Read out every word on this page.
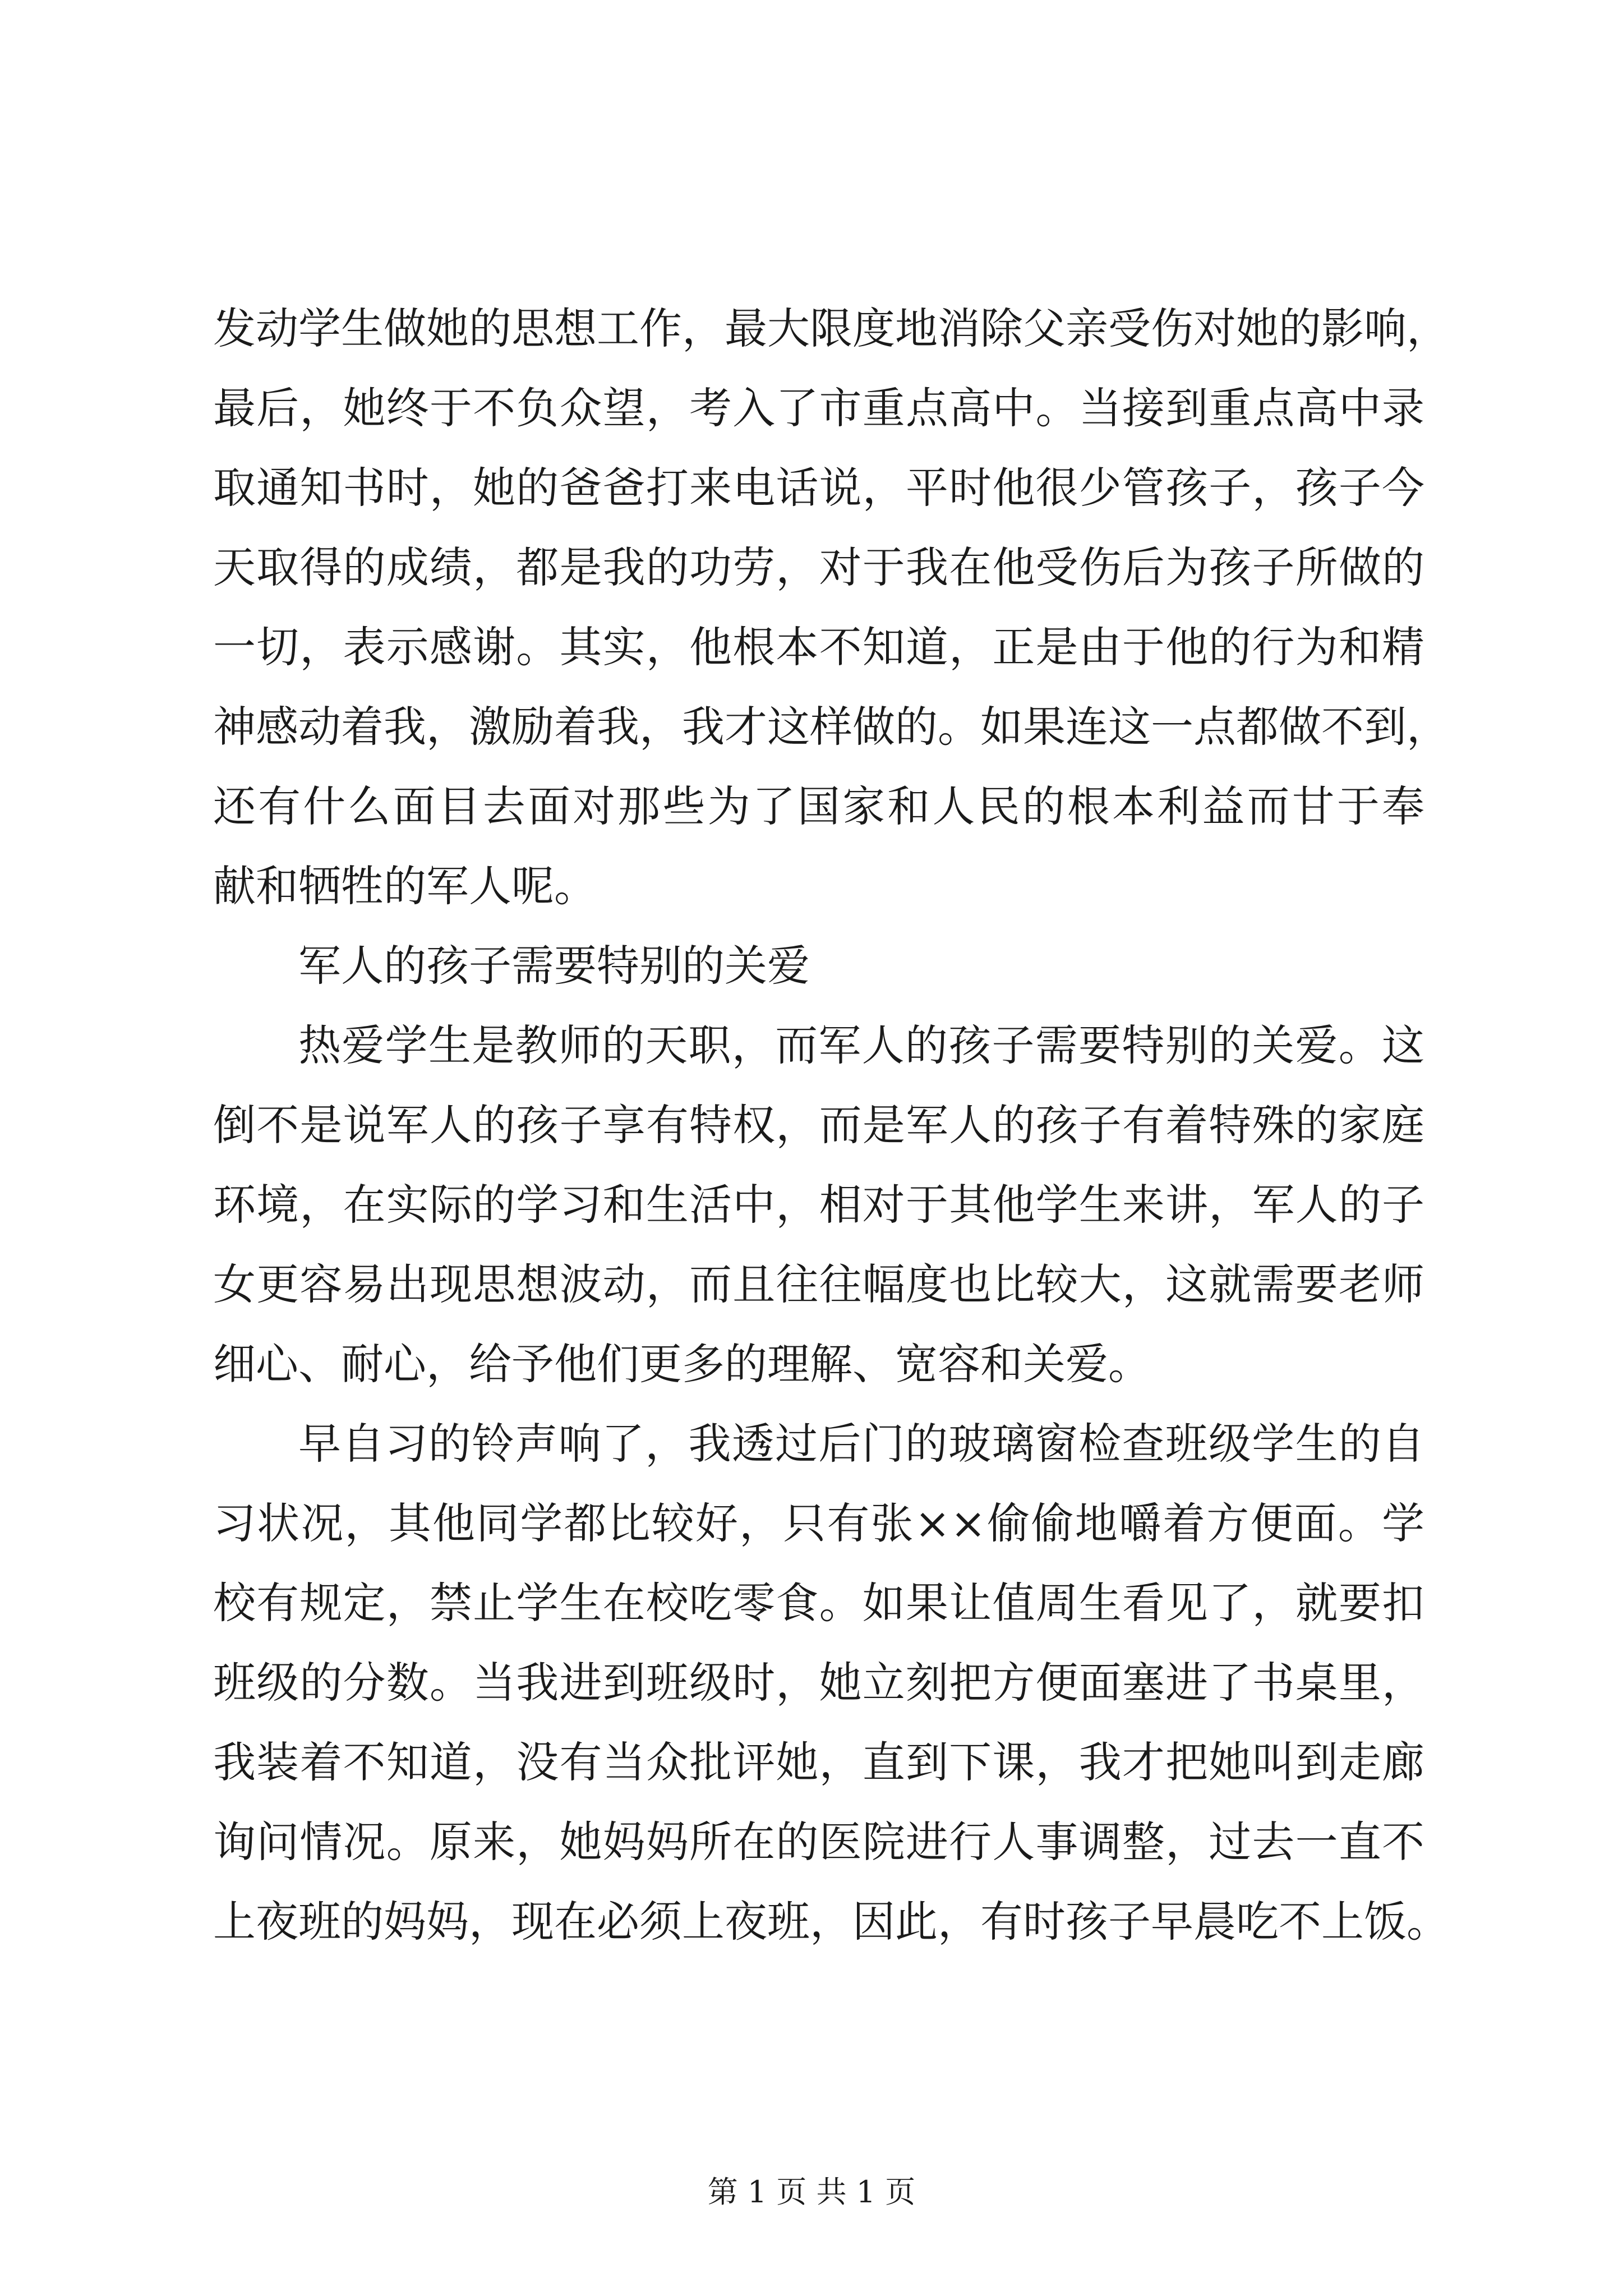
发动学生做她的思想工作，最大限度地消除父亲受伤对她的影响，
最后，她终于不负众望，考入了市重点高中。当接到重点高中录
取通知书时，她的爸爸打来电话说，平时他很少管孩子，孩子今
天取得的成绩，都是我的功劳，对于我在他受伤后为孩子所做的
一切，表示感谢。其实，他根本不知道，正是由于他的行为和精
神感动着我，激励着我，我才这样做的。如果连这一点都做不到，
还有什么面目去面对那些为了国家和人民的根本利益而甘于奉
献和牺牲的军人呢。
军人的孩子需要特别的关爱
热爱学生是教师的天职，而军人的孩子需要特别的关爱。这
倒不是说军人的孩子享有特权，而是军人的孩子有着特殊的家庭
环境，在实际的学习和生活中，相对于其他学生来讲，军人的子
女更容易出现思想波动，而且往往幅度也比较大，这就需要老师
细心、耐心，给予他们更多的理解、宽容和关爱。
早自习的铃声响了，我透过后门的玻璃窗检查班级学生的自
习状况，其他同学都比较好，只有张××偷偷地嚼着方便面。学
校有规定，禁止学生在校吃零食。如果让值周生看见了，就要扣
班级的分数。当我进到班级时，她立刻把方便面塞进了书桌里，
我装着不知道，没有当众批评她，直到下课，我才把她叫到走廊
询问情况。原来，她妈妈所在的医院进行人事调整，过去一直不
上夜班的妈妈，现在必须上夜班，因此，有时孩子早晨吃不上饭。
第 1 页 共 1 页
